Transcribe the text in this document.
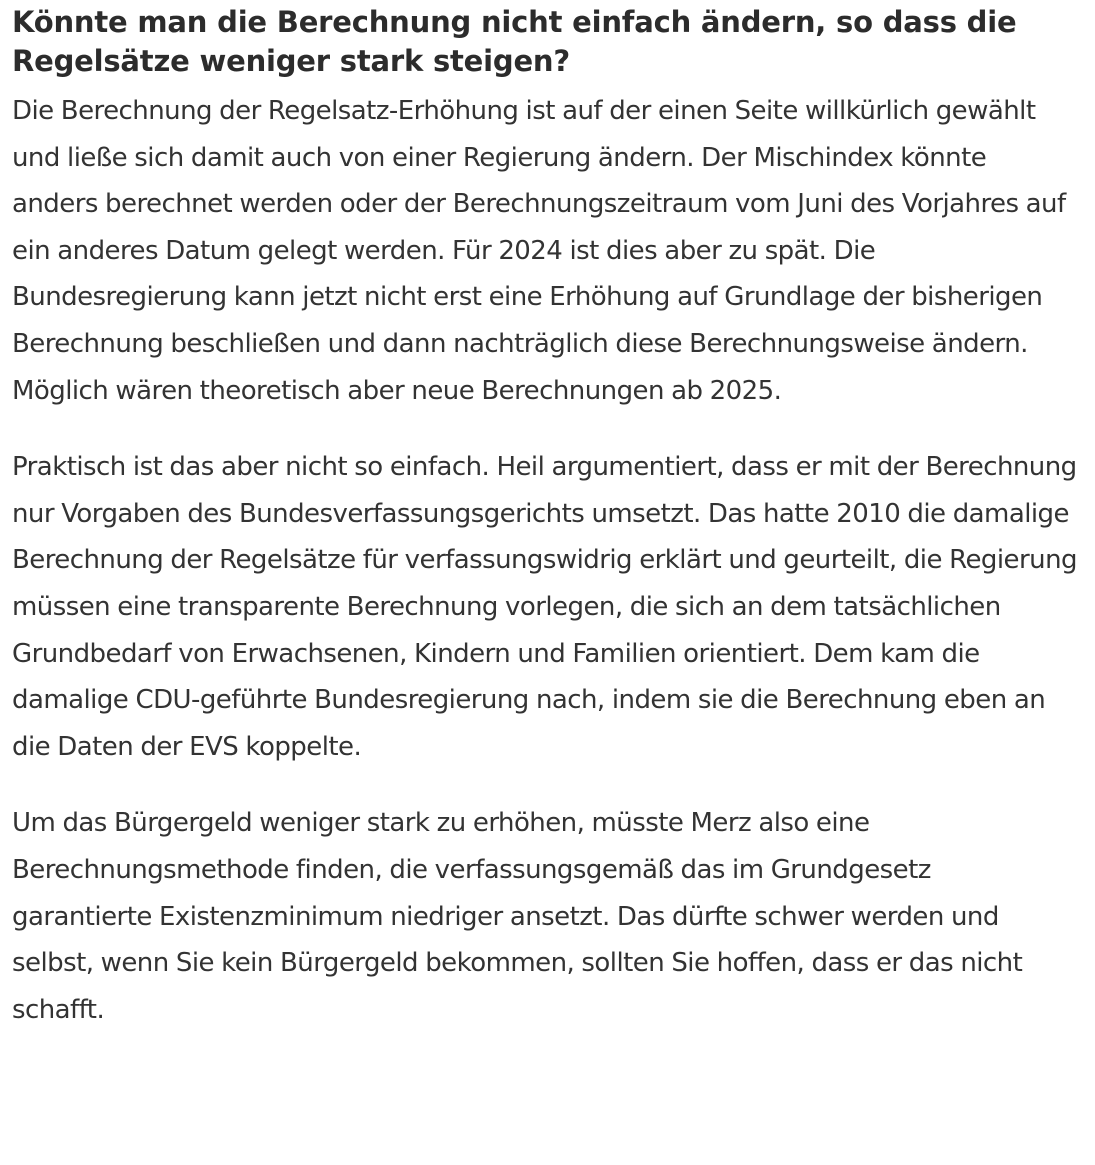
Könnte man die Berechnung nicht einfach ändern, so dass die Regelsätze weniger stark steigen?

Die Berechnung der Regelsatz-Erhöhung ist auf der einen Seite willkürlich gewählt und ließe sich damit auch von einer Regierung ändern. Der Mischindex könnte anders berechnet werden oder der Berechnungszeitraum vom Juni des Vorjahres auf ein anderes Datum gelegt werden. Für 2024 ist dies aber zu spät. Die Bundesregierung kann jetzt nicht erst eine Erhöhung auf Grundlage der bisherigen Berechnung beschließen und dann nachträglich diese Berechnungsweise ändern. Möglich wären theoretisch aber neue Berechnungen ab 2025.

Praktisch ist das aber nicht so einfach. Heil argumentiert, dass er mit der Berechnung nur Vorgaben des Bundesverfassungsgerichts umsetzt. Das hatte 2010 die damalige Berechnung der Regelsätze für verfassungswidrig erklärt und geurteilt, die Regierung müssen eine transparente Berechnung vorlegen, die sich an dem tatsächlichen Grundbedarf von Erwachsenen, Kindern und Familien orientiert. Dem kam die damalige CDU-geführte Bundesregierung nach, indem sie die Berechnung eben an die Daten der EVS koppelte.

Um das Bürgergeld weniger stark zu erhöhen, müsste Merz also eine Berechnungsmethode finden, die verfassungsgemäß das im Grundgesetz garantierte Existenzminimum niedriger ansetzt. Das dürfte schwer werden und selbst, wenn Sie kein Bürgergeld bekommen, sollten Sie hoffen, dass er das nicht schafft.
